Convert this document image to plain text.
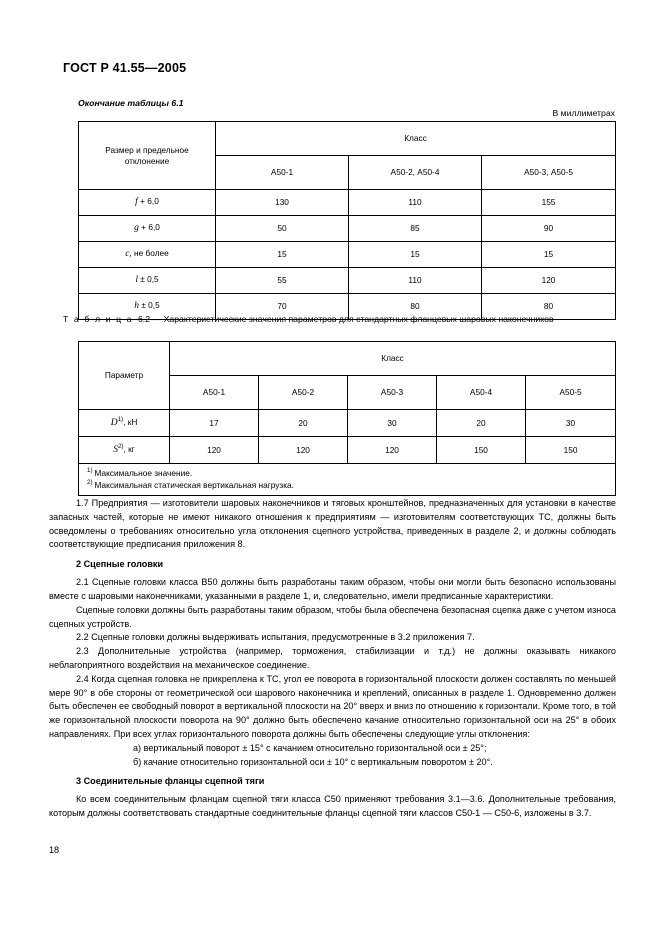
ГОСТ Р 41.55—2005
Окончание таблицы 6.1
В миллиметрах
Размер и предельное отклонение	Класс		
	А50-1	А50-2, А50-4	А50-3, А50-5
f + 6,0	130	110	155
g + 6,0	50	85	90
c, не более	15	15	15
l ± 0,5	55	110	120
h ± 0,5	70	80	80
Т а б л и ц а 6.2 — Характеристические значения параметров для стандартных фланцевых шаровых наконечников
Параметр	Класс				
	А50-1	А50-2	А50-3	А50-4	А50-5
$D^{1)}$, кН	17	20	30	20	30
$S^{2)}$, кг	120	120	120	150	150

$^{1)}$ Максимальное значение.
$^{2)}$ Максимальная статическая вертикальная нагрузка.					

1.7 Предприятия — изготовители шаровых наконечников и тяговых кронштейнов, предназначенных для установки в качестве запасных частей, которые не имеют никакого отношения к предприятиям — изготовителям соответствующих ТС, должны быть осведомлены о требованиях относительно угла отклонения сцепного устройства, приведенных в разделе 2, и должны соблюдать соответствующие предписания приложения 8.

2 Сцепные головки

2.1 Сцепные головки класса В50 должны быть разработаны таким образом, чтобы они могли быть безопасно использованы вместе с шаровыми наконечниками, указанными в разделе 1, и, следовательно, имели предписанные характеристики.

Сцепные головки должны быть разработаны таким образом, чтобы была обеспечена безопасная сцепка даже с учетом износа сцепных устройств.

2.2 Сцепные головки должны выдерживать испытания, предусмотренные в 3.2 приложения 7.

2.3 Дополнительные устройства (например, торможения, стабилизации и т.д.) не должны оказывать никакого неблагоприятного воздействия на механическое соединение.

2.4 Когда сцепная головка не прикреплена к ТС, угол ее поворота в горизонтальной плоскости должен составлять по меньшей мере 90° в обе стороны от геометрической оси шарового наконечника и креплений, описанных в разделе 1. Одновременно должен быть обеспечен ее свободный поворот в вертикальной плоскости на 20° вверх и вниз по отношению к горизонтали. Кроме того, в той же горизонтальной плоскости поворота на 90° должно быть обеспечено качание относительно горизонтальной оси на 25° в обоих направлениях. При всех углах горизонтального поворота должны быть обеспечены следующие углы отклонения:

а) вертикальный поворот ± 15° с качанием относительно горизонтальной оси ± 25°;

б) качание относительно горизонтальной оси ± 10° с вертикальным поворотом ± 20°.

3 Соединительные фланцы сцепной тяги

Ко всем соединительным фланцам сцепной тяги класса С50 применяют требования 3.1—3.6. Дополнительные требования, которым должны соответствовать стандартные соединительные фланцы сцепной тяги классов С50-1 — С50-6, изложены в 3.7.

18
